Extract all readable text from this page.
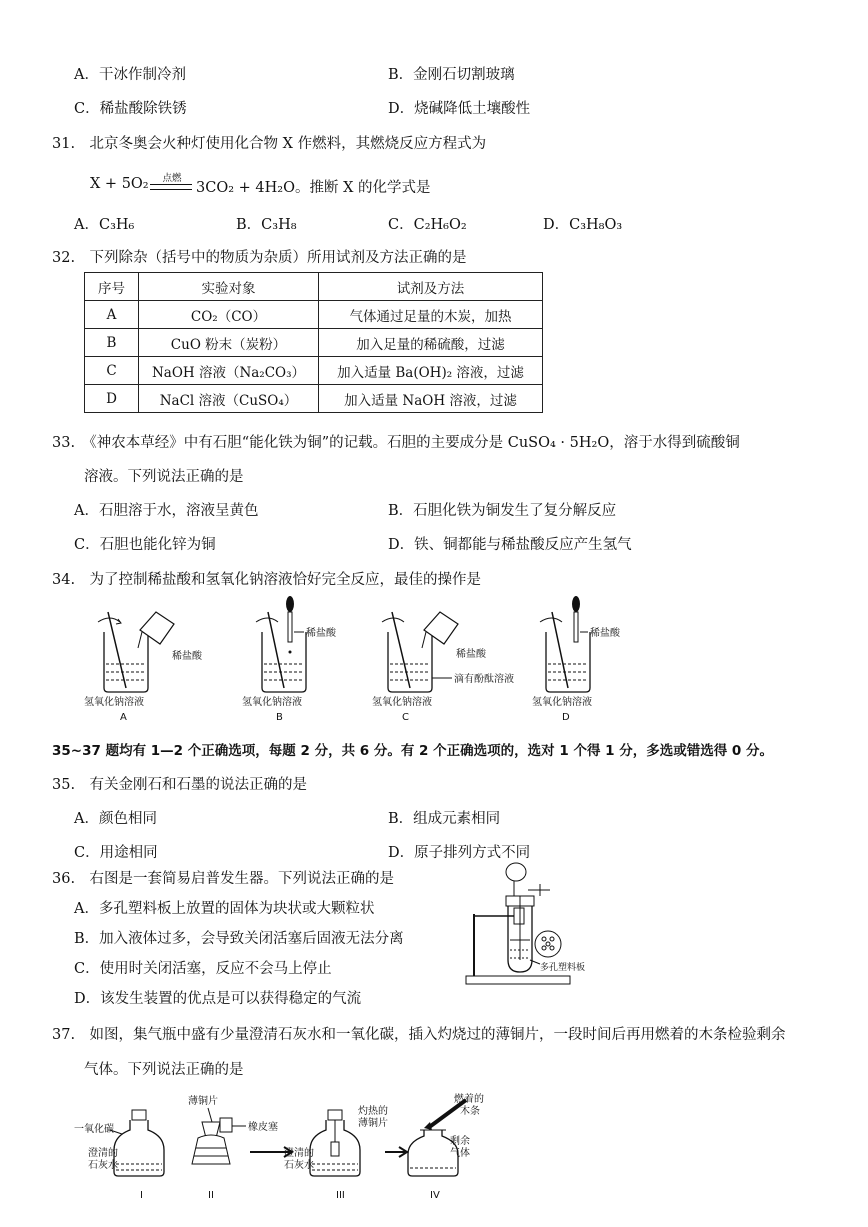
A．干冰作制冷剂	B．金刚石切割玻璃
C．稀盐酸除铁锈	D．烧碱降低土壤酸性
31.　北京冬奥会火种灯使用化合物 X 作燃料，其燃烧反应方程式为
X + 5O₂	点燃
3CO₂ + 4H₂O。推断 X 的化学式是
A．C₃H₆	B．C₃H₈	C．C₂H₆O₂	D．C₃H₈O₃
32.　下列除杂（括号中的物质为杂质）所用试剂及方法正确的是
序号	实验对象	试剂及方法
A	CO₂（CO）	气体通过足量的木炭，加热
B	CuO 粉末（炭粉）	加入足量的稀硫酸，过滤
C	NaOH 溶液（Na₂CO₃）	加入适量 Ba(OH)₂ 溶液，过滤
D	NaCl 溶液（CuSO₄）	加入适量 NaOH 溶液，过滤
33.　《神农本草经》中有石胆“能化铁为铜”的记载。石胆的主要成分是 CuSO₄ · 5H₂O，溶于水得到硫酸铜
溶液。下列说法正确的是
A．石胆溶于水，溶液呈黄色	B．石胆化铁为铜发生了复分解反应
C．石胆也能化锌为铜	D．铁、铜都能与稀盐酸反应产生氢气
34.　为了控制稀盐酸和氢氧化钠溶液恰好完全反应，最佳的操作是
稀盐酸
氢氧化钠溶液
A
稀盐酸
氢氧化钠溶液
B
稀盐酸
滴有酚酞溶液
氢氧化钠溶液
C
稀盐酸
氢氧化钠溶液
D
35~37 题均有 1—2 个正确选项，每题 2 分，共 6 分。有 2 个正确选项的，选对 1 个得 1 分，多选或错选得 0 分。
35.　有关金刚石和石墨的说法正确的是
A．颜色相同	B．组成元素相同
C．用途相同	D．原子排列方式不同
36.　右图是一套简易启普发生器。下列说法正确的是
A．多孔塑料板上放置的固体为块状或大颗粒状
B．加入液体过多，会导致关闭活塞后固液无法分离
C．使用时关闭活塞，反应不会马上停止
D．该发生装置的优点是可以获得稳定的气流
多孔塑料板
37.　如图，集气瓶中盛有少量澄清石灰水和一氧化碳，插入灼烧过的薄铜片，一段时间后再用燃着的木条检验剩余
气体。下列说法正确的是
一氧化碳
澄清的
石灰水
I
薄铜片
橡皮塞
II
灼热的
薄铜片
澄清的
石灰水
III
燃着的
木条
剩余
气体
IV
